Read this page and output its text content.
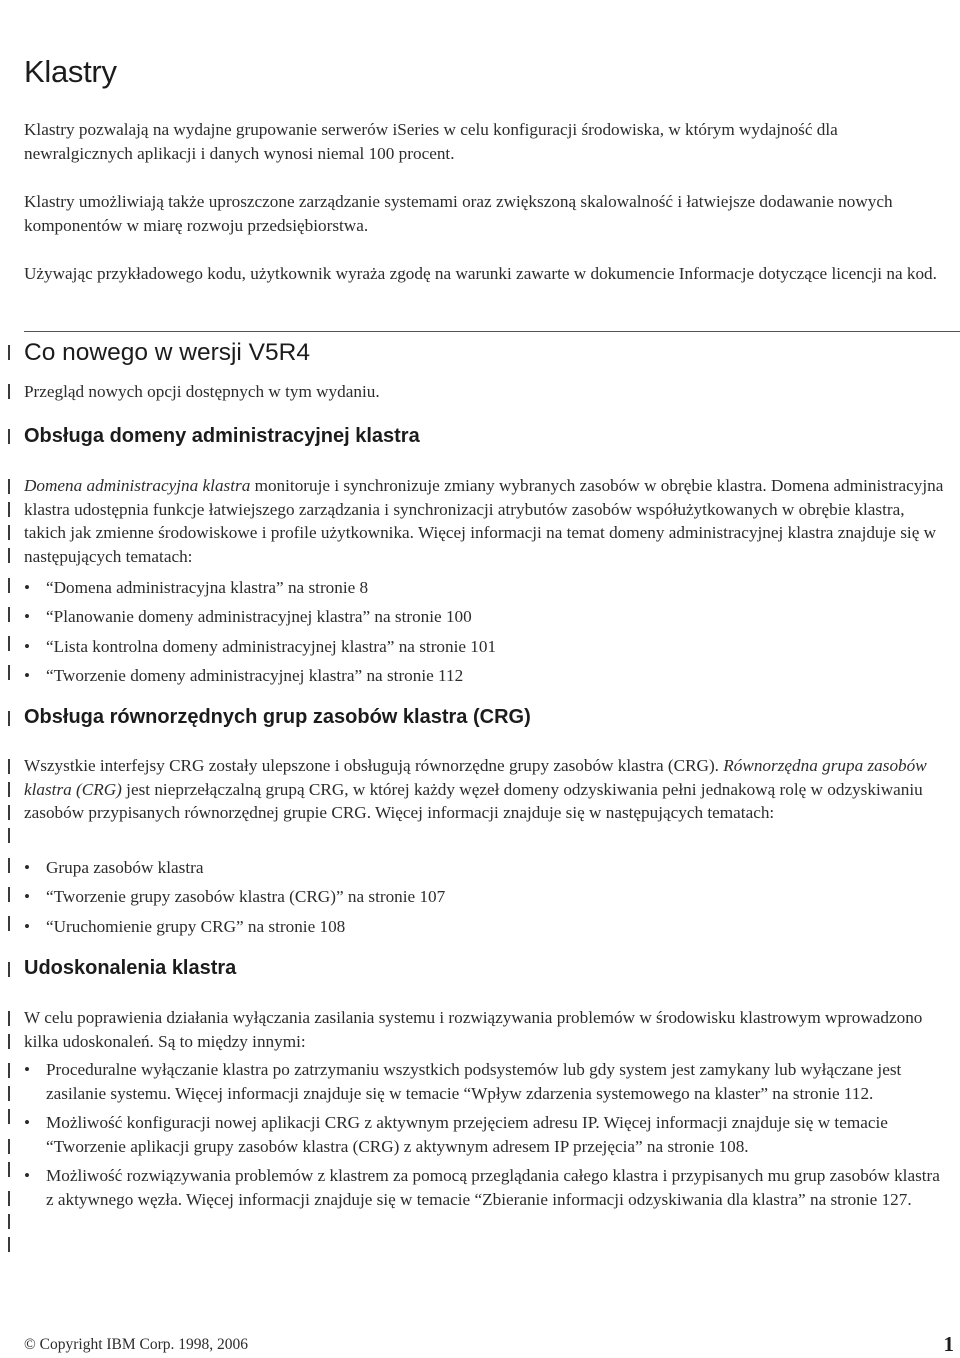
Klastry

Klastry pozwalają na wydajne grupowanie serwerów iSeries w celu konfiguracji środowiska, w którym wydajność dla newralgicznych aplikacji i danych wynosi niemal 100 procent.

Klastry umożliwiają także uproszczone zarządzanie systemami oraz zwiększoną skalowalność i łatwiejsze dodawanie nowych komponentów w miarę rozwoju przedsiębiorstwa.

Używając przykładowego kodu, użytkownik wyraża zgodę na warunki zawarte w dokumencie Informacje dotyczące licencji na kod.

Co nowego w wersji V5R4

Przegląd nowych opcji dostępnych w tym wydaniu.

Obsługa domeny administracyjnej klastra

Domena administracyjna klastra monitoruje i synchronizuje zmiany wybranych zasobów w obrębie klastra. Domena administracyjna klastra udostępnia funkcje łatwiejszego zarządzania i synchronizacji atrybutów zasobów współużytkowanych w obrębie klastra, takich jak zmienne środowiskowe i profile użytkownika. Więcej informacji na temat domeny administracyjnej klastra znajduje się w następujących tematach:

• “Domena administracyjna klastra” na stronie 8
• “Planowanie domeny administracyjnej klastra” na stronie 100
• “Lista kontrolna domeny administracyjnej klastra” na stronie 101
• “Tworzenie domeny administracyjnej klastra” na stronie 112
Obsługa równorzędnych grup zasobów klastra (CRG)

Wszystkie interfejsy CRG zostały ulepszone i obsługują równorzędne grupy zasobów klastra (CRG). Równorzędna grupa zasobów klastra (CRG) jest nieprzełączalną grupą CRG, w której każdy węzeł domeny odzyskiwania pełni jednakową rolę w odzyskiwaniu zasobów przypisanych równorzędnej grupie CRG. Więcej informacji znajduje się w następujących tematach:

• Grupa zasobów klastra
• “Tworzenie grupy zasobów klastra (CRG)” na stronie 107
• “Uruchomienie grupy CRG” na stronie 108
Udoskonalenia klastra

W celu poprawienia działania wyłączania zasilania systemu i rozwiązywania problemów w środowisku klastrowym wprowadzono kilka udoskonaleń. Są to między innymi:

• Proceduralne wyłączanie klastra po zatrzymaniu wszystkich podsystemów lub gdy system jest zamykany lub wyłączane jest zasilanie systemu. Więcej informacji znajduje się w temacie “Wpływ zdarzenia systemowego na klaster” na stronie 112.
• Możliwość konfiguracji nowej aplikacji CRG z aktywnym przejęciem adresu IP. Więcej informacji znajduje się w temacie “Tworzenie aplikacji grupy zasobów klastra (CRG) z aktywnym adresem IP przejęcia” na stronie 108.
• Możliwość rozwiązywania problemów z klastrem za pomocą przeglądania całego klastra i przypisanych mu grup zasobów klastra z aktywnego węzła. Więcej informacji znajduje się w temacie “Zbieranie informacji odzyskiwania dla klastra” na stronie 127.
© Copyright IBM Corp. 1998, 2006	1
